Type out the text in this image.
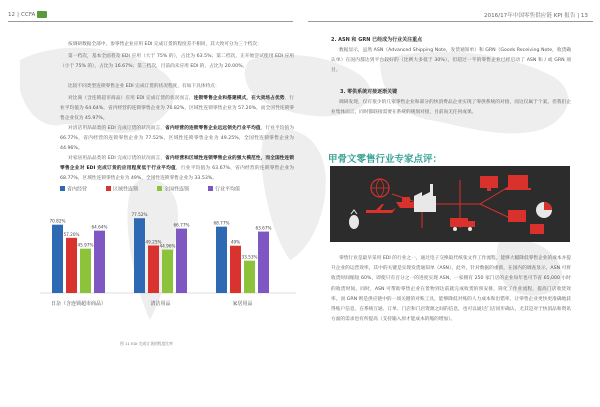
12 | CCFA	2016/17年中国零售供应链 KPI 报告 | 13
按调研数据全部中，参零售企业应用 EDI 完成订货的程度差不相同，其大致可分为三个档次：
第一档次，基本全面普及 EDI 应用（大于 75% 的），占比为 63.5%；第二档次，正开始尝试使用 EDI 应用（小于 75% 的），占比为 16.67%；第三档次，目前尚未应用 EDI 的，占比为 20.00%。
比较不同类型连锁零售企业 EDI 完成订货的状况程度，有如下具体特点：
对比商（含连锁超市商品）应用 EDI 完成订货的状况而言，连锁零售企业和搭建模式，在大卖场占优势，行业平均值为 64.64%，省内经营的连锁零售企业为 70.82%，区域性连锁零售企业为 57.20%，而全国性连锁零售企业仅为 45.97%。
对清洁用品品类的 EDI 完成订货的状况而言，省内经营的连锁零售企业远远领先行业平均值，行业平均值为 66.77%，省内经营的连锁零售企业为 77.52%，区域性连锁零售企业为 49.25%，全国性连锁零售企业为 44.96%。
对家居用品品类的 EDI 完成订货的状况而言，省内经营和区域性连锁零售企业的强大模范性，而全国性连锁零售企业对 EDI 完成订货的应用程度低于行业平均值，行业平均值为 63.67%，省内经营的连锁零售企业为 68.77%，区域性连锁零售企业为 49%，全国性连锁零售企业为 33.53%。
省内经营	区域性连锁	全国性连锁	行业平均值
70.82%
57.20%
45.97%
64.64%
日杂（含连锁超市商品）
77.52%
49.25%
44.96%
66.77%
清洁用品
68.77%
49%
33.53%
63.67%
家居用品
图 11 EDI 完成订货的程度比率
2. ASN 和 GRN 已经成为行业关注重点
数据显示，虽然 ASN（Advanced Shipping Note，发货通知单）和 GRN（Goods Receiving Note，收货确认单）在国内都达到平台较好的（比例大多低于 30%），但超过一半的零售企业已经启动了 ASN 和 / 或 GRN 项目。
3. 零供系统对接逐渐关键
调研发现，仅有很少的几家零售企业和部分的快消费品企业实现了零供系统的对接，而这仅属于个案。但我们企业集体而言，同时都联接需要在系统的规划对接，目前尚无任何成果。
甲骨文零售行业专家点评：
零售行业是最早采用 EDI 的行业之一，通过电子交换取代纸张文件工作流程，能够大幅降低零售企业的成本并提升企业的运营效率，其中的关键是实现发货通知单（ASN）。此外，针对数据的重新，在国内的调查显示，ASN 可将收货时间缩短 60%，即使只有百分之一的进度实现 ASN，一家拥有 250 家门店的企业每年也可节省 65,000 小时的收货时间。同时，ASN 可帮助零售企业在货物到达前就完成收货的预安排，简化了作业流程，提高门店收货效率。而 GRN 则是供应链中的一项关键的对账工具，能够降低对账的人力成本和出错率，让零售企业更快更准确地获得账户信息，在系统互通、订单、门店和门店资源之间的信息，也可以通过门店同步确认，尤其是对于快消品和资讯方面的需求也有所提高（支持输入原才能成本的缩的增加）。
